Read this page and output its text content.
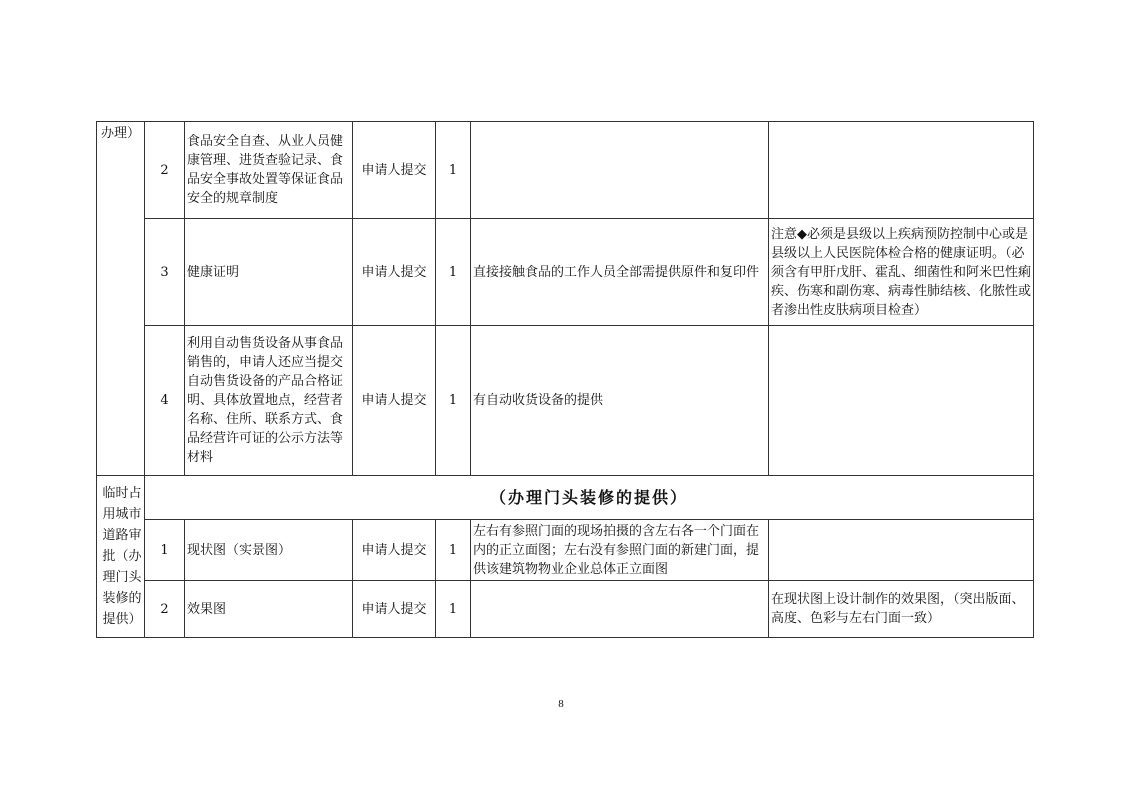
办理）	2	食品安全自查、从业人员健康管理、进货查验记录、食品安全事故处置等保证食品安全的规章制度	申请人提交	1		
	3	健康证明	申请人提交	1	直接接触食品的工作人员全部需提供原件和复印件	注意◆必须是县级以上疾病预防控制中心或是县级以上人民医院体检合格的健康证明。（必须含有甲肝戊肝、霍乱、细菌性和阿米巴性痢疾、伤寒和副伤寒、病毒性肺结核、化脓性或者渗出性皮肤病项目检查）
	4	利用自动售货设备从事食品销售的，申请人还应当提交自动售货设备的产品合格证明、具体放置地点，经营者名称、住所、联系方式、食品经营许可证的公示方法等材料	申请人提交	1	有自动收货设备的提供	

临时占用城市道路审批（办理门头装修的提供）	（办理门头装修的提供）					
	1	现状图（实景图）	申请人提交	1	左右有参照门面的现场拍摄的含左右各一个门面在内的正立面图；左右没有参照门面的新建门面，提供该建筑物物业企业总体正立面图	
	2	效果图	申请人提交	1		在现状图上设计制作的效果图，（突出版面、高度、色彩与左右门面一致）
8
